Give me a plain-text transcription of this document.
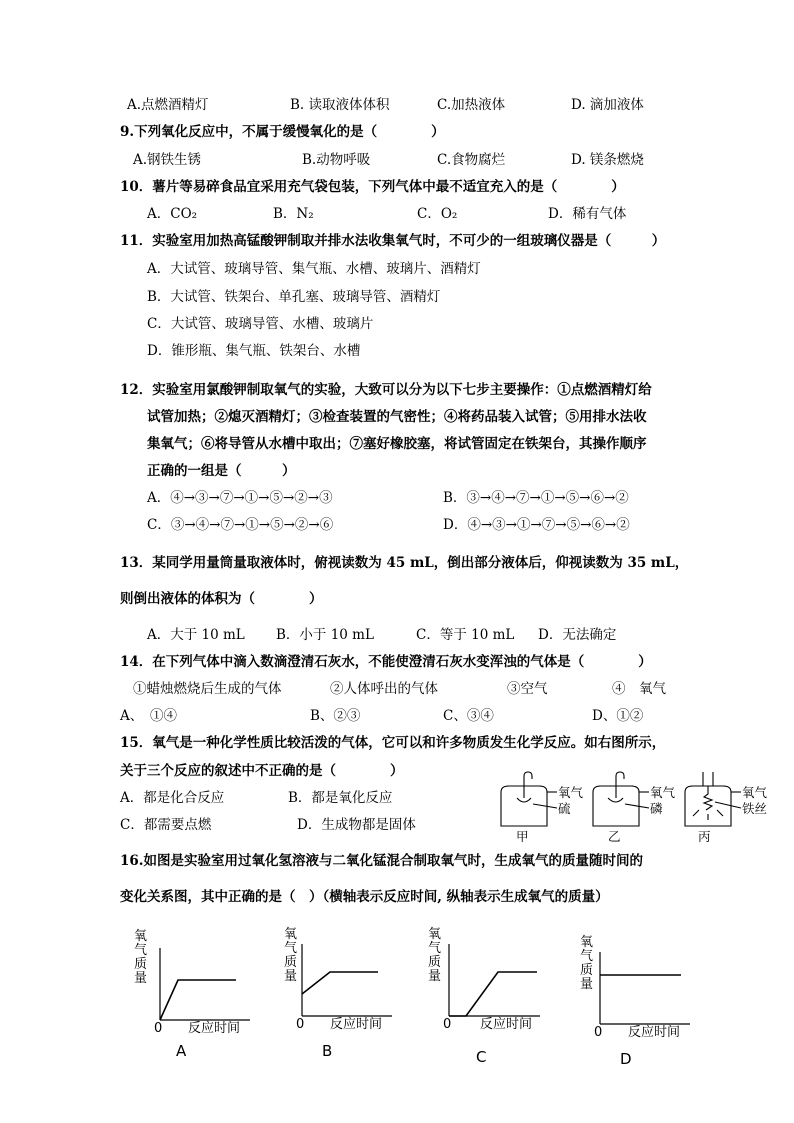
A.点燃酒精灯	B. 读取液体体积	C.加热液体	D. 滴加液体
9.下列氧化反应中，不属于缓慢氧化的是（　　　　）
A.钢铁生锈	B.动物呼吸	C.食物腐烂	D. 镁条燃烧
10．薯片等易碎食品宜采用充气袋包装，下列气体中最不适宜充入的是（　　　　）
A．CO₂	B．N₂	C．O₂	D．稀有气体
11．实验室用加热高锰酸钾制取并排水法收集氧气时，不可少的一组玻璃仪器是（　　　）
A．大试管、玻璃导管、集气瓶、水槽、玻璃片、酒精灯
B．大试管、铁架台、单孔塞、玻璃导管、酒精灯
C．大试管、玻璃导管、水槽、玻璃片
D．锥形瓶、集气瓶、铁架台、水槽
12．实验室用氯酸钾制取氧气的实验，大致可以分为以下七步主要操作：①点燃酒精灯给
试管加热；②熄灭酒精灯；③检查装置的气密性；④将药品装入试管；⑤用排水法收
集氧气；⑥将导管从水槽中取出；⑦塞好橡胶塞，将试管固定在铁架台，其操作顺序
正确的一组是（　　　）
A．④→③→⑦→①→⑤→②→③	B．③→④→⑦→①→⑤→⑥→②
C．③→④→⑦→①→⑤→②→⑥	D．④→③→①→⑦→⑤→⑥→②
13．某同学用量筒量取液体时，俯视读数为 45 mL，倒出部分液体后，仰视读数为 35 mL，
则倒出液体的体积为（　　　　）
A．大于 10 mL B．小于 10 mL	C．等于 10 mL D．无法确定
14．在下列气体中滴入数滴澄清石灰水，不能使澄清石灰水变浑浊的气体是（　　　　）
①蜡烛燃烧后生成的气体	②人体呼出的气体	③空气	④　氧气
A、　①④	B、②③	C、③④	D、①②
15．氧气是一种化学性质比较活泼的气体，它可以和许多物质发生化学反应。如右图所示，
关于三个反应的叙述中不正确的是（　　　　）
A．都是化合反应	B．都是氧化反应
C．都需要点燃	D．生成物都是固体
氧气
硫
甲
氧气
磷
乙
氧气
铁丝
丙
16.如图是实验室用过氧化氢溶液与二氧化锰混合制取氧气时，生成氧气的质量随时间的
变化关系图，其中正确的是（　）（横轴表示反应时间, 纵轴表示生成氧气的质量）
氧
气
质
量
0 反应时间
氧
气
质
量
0 反应时间
氧
气
质
量
0 反应时间
氧
气
质
量
0 反应时间
A	B	C	D
